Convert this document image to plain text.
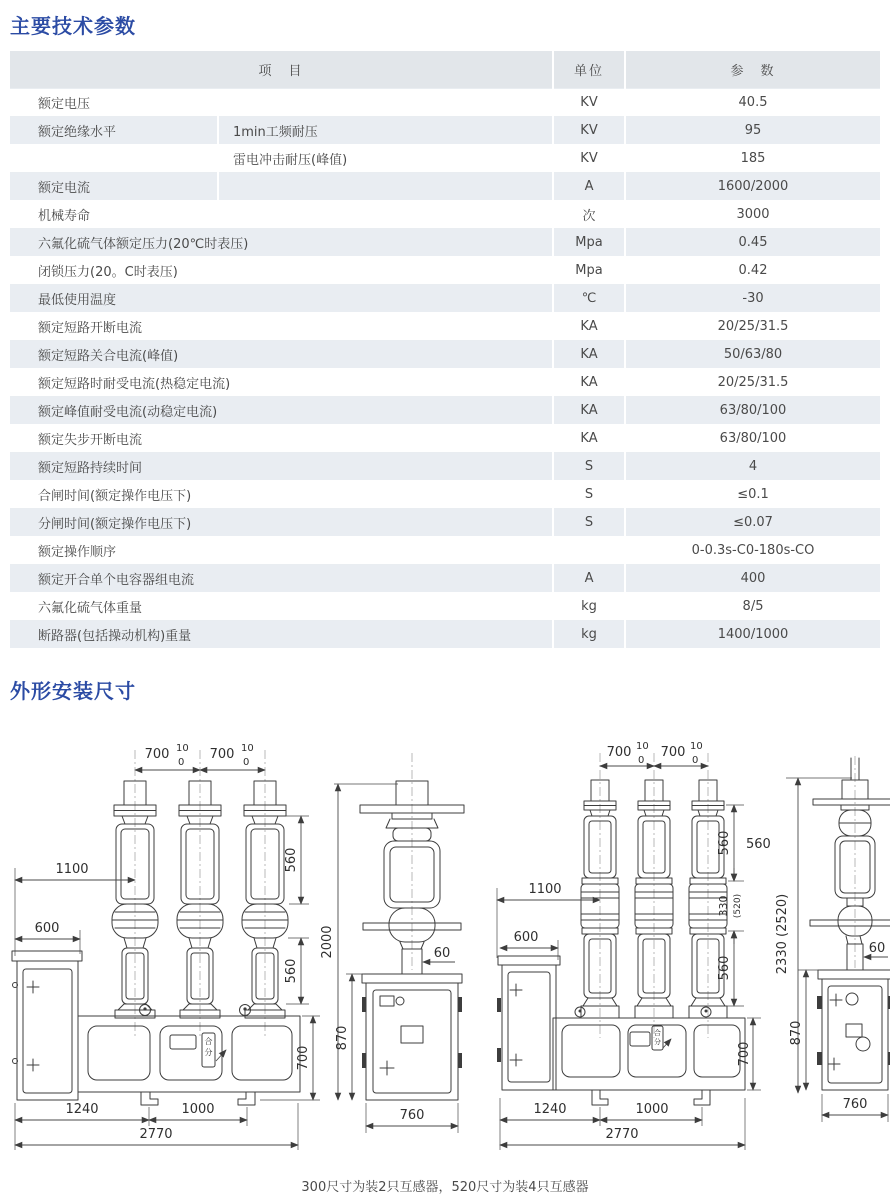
主要技术参数
项　目		单位	参　数
额定电压		KV	40.5
额定绝缘水平	1min工频耐压	KV	95
	雷电冲击耐压(峰值)	KV	185
额定电流		A	1600/2000
机械寿命		次	3000
六氟化硫气体额定压力(20℃时表压)		Mpa	0.45
闭锁压力(20。C时表压)		Mpa	0.42
最低使用温度		℃	-30
额定短路开断电流		KA	20/25/31.5
额定短路关合电流(峰值)		KA	50/63/80
额定短路时耐受电流(热稳定电流)		KA	20/25/31.5
额定峰值耐受电流(动稳定电流)		KA	63/80/100
额定失步开断电流		KA	63/80/100
额定短路持续时间		S	4
合闸时间(额定操作电压下)		S	≤0.1
分闸时间(额定操作电压下)		S	≤0.07
额定操作顺序			0-0.3s-C0-180s-CO
额定开合单个电容器组电流		A	400
六氟化硫气体重量		kg	8/5
断路器(包括操动机构)重量		kg	1400/1000
外形安装尺寸
合
分
700 10
0
700 10
0
1100
600
560
560
700
1240	1000
2770
60
2000
870
760
合
分
700 10
0
700 10
0
1100
600
560 560
330 (520)
560	2330 (2520)
700
1240	1000
2770
60
870
760
300尺寸为装2只互感器，520尺寸为装4只互感器
